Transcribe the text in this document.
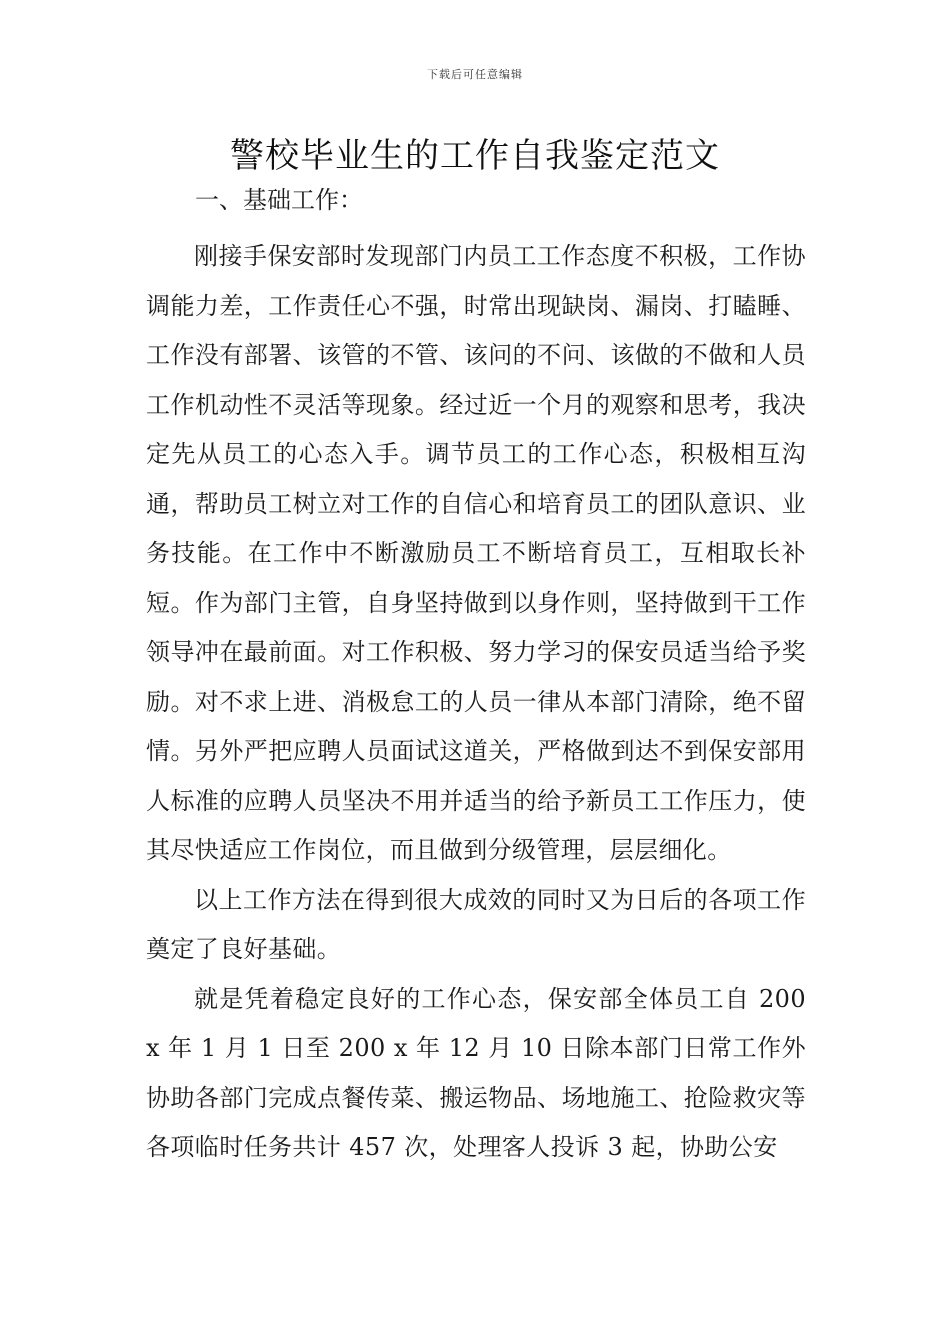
下载后可任意编辑
警校毕业生的工作自我鉴定范文

一、基础工作：

刚接手保安部时发现部门内员工工作态度不积极，工作协调能力差，工作责任心不强，时常出现缺岗、漏岗、打瞌睡、工作没有部署、该管的不管、该问的不问、该做的不做和人员工作机动性不灵活等现象。经过近一个月的观察和思考，我决定先从员工的心态入手。调节员工的工作心态，积极相互沟通，帮助员工树立对工作的自信心和培育员工的团队意识、业务技能。在工作中不断激励员工不断培育员工，互相取长补短。作为部门主管，自身坚持做到以身作则，坚持做到干工作领导冲在最前面。对工作积极、努力学习的保安员适当给予奖励。对不求上进、消极怠工的人员一律从本部门清除，绝不留情。另外严把应聘人员面试这道关，严格做到达不到保安部用人标准的应聘人员坚决不用并适当的给予新员工工作压力，使其尽快适应工作岗位，而且做到分级管理，层层细化。

以上工作方法在得到很大成效的同时又为日后的各项工作奠定了良好基础。

就是凭着稳定良好的工作心态，保安部全体员工自 200 x 年 1 月 1 日至 200 x 年 12 月 10 日除本部门日常工作外协助各部门完成点餐传菜、搬运物品、场地施工、抢险救灾等各项临时任务共计 457 次，处理客人投诉 3 起，协助公安
